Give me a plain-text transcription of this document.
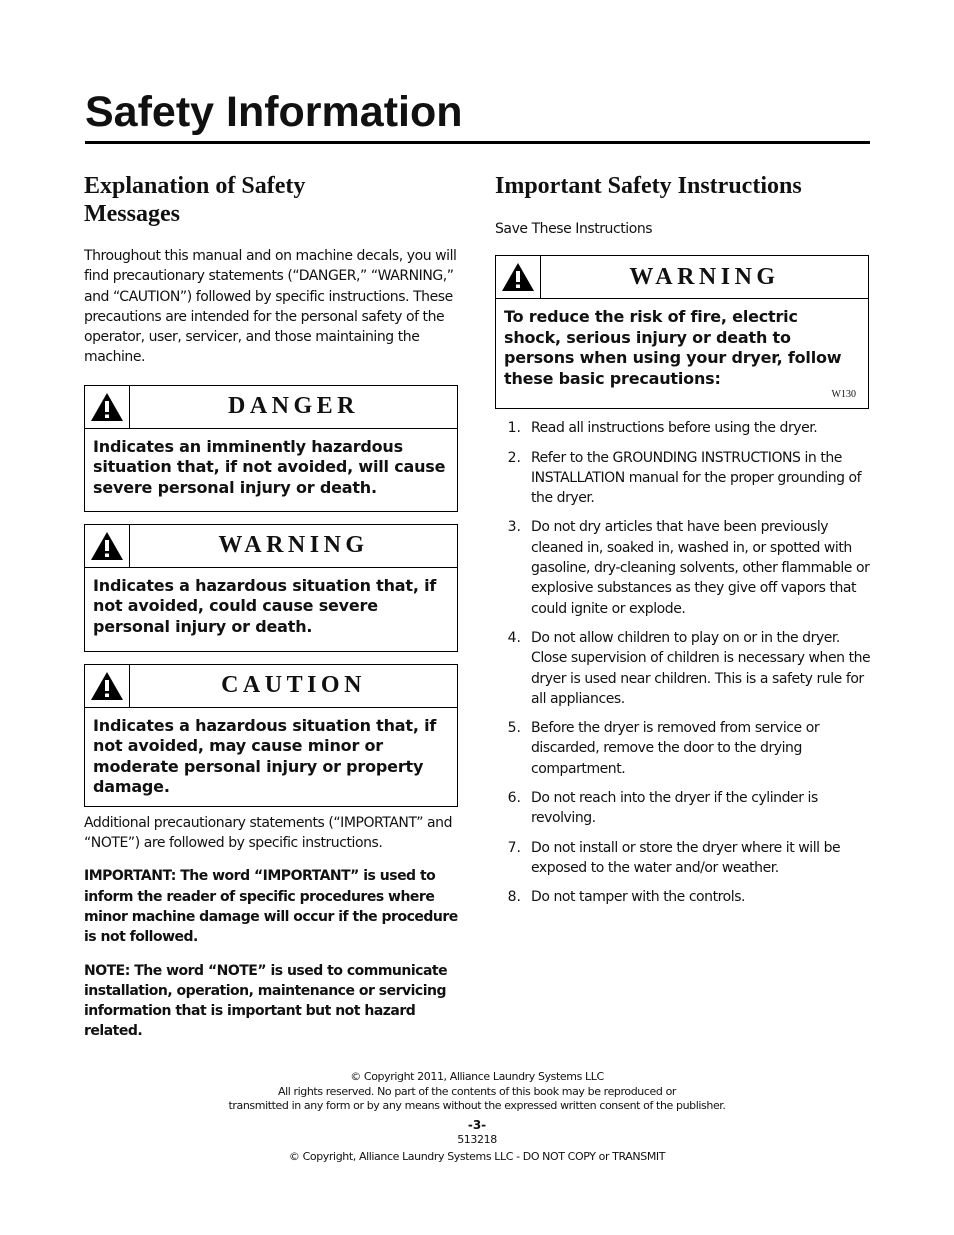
Safety Information
Explanation of Safety Messages

Throughout this manual and on machine decals, you will find precautionary statements (“DANGER,” “WARNING,” and “CAUTION”) followed by specific instructions. These precautions are intended for the personal safety of the operator, user, servicer, and those maintaining the machine.

DANGER
Indicates an imminently hazardous situation that, if not avoided, will cause severe personal injury or death.
WARNING
Indicates a hazardous situation that, if not avoided, could cause severe personal injury or death.
CAUTION
Indicates a hazardous situation that, if not avoided, may cause minor or moderate personal injury or property damage.

Additional precautionary statements (“IMPORTANT” and “NOTE”) are followed by specific instructions.

IMPORTANT: The word “IMPORTANT” is used to inform the reader of specific procedures where minor machine damage will occur if the procedure is not followed.

NOTE: The word “NOTE” is used to communicate installation, operation, maintenance or servicing information that is important but not hazard related.

Important Safety Instructions

Save These Instructions

WARNING
To reduce the risk of fire, electric shock, serious injury or death to persons when using your dryer, follow these basic precautions:
W130
1. Read all instructions before using the dryer.
2. Refer to the GROUNDING INSTRUCTIONS in the INSTALLATION manual for the proper grounding of the dryer.
3. Do not dry articles that have been previously cleaned in, soaked in, washed in, or spotted with gasoline, dry-cleaning solvents, other flammable or explosive substances as they give off vapors that could ignite or explode.
4. Do not allow children to play on or in the dryer. Close supervision of children is necessary when the dryer is used near children. This is a safety rule for all appliances.
5. Before the dryer is removed from service or discarded, remove the door to the drying compartment.
6. Do not reach into the dryer if the cylinder is revolving.
7. Do not install or store the dryer where it will be exposed to the water and/or weather.
8. Do not tamper with the controls.
© Copyright 2011, Alliance Laundry Systems LLC
All rights reserved. No part of the contents of this book may be reproduced or
transmitted in any form or by any means without the expressed written consent of the publisher.
-3-
513218
© Copyright, Alliance Laundry Systems LLC - DO NOT COPY or TRANSMIT
